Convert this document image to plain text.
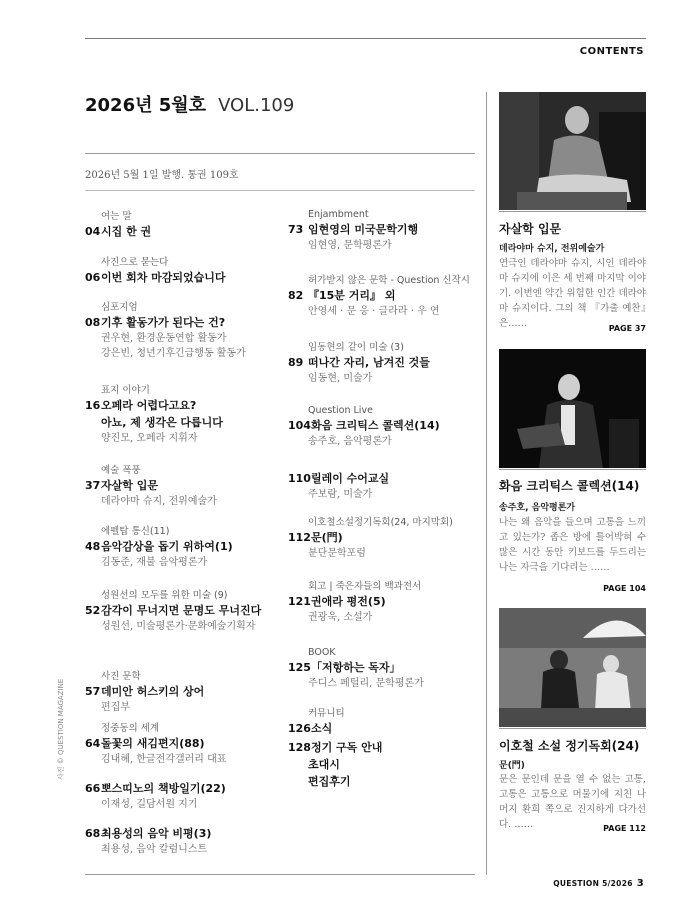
CONTENTS
2026년 5월호 VOL.109
2026년 5월 1일 발행. 통권 109호
여는 말
04 시집 한 권
사진으로 묻는다
06 이번 회차 마감되었습니다
심포지엄
08 기후 활동가가 된다는 건?
권우현, 환경운동연합 활동가
강은빈, 청년기후긴급행동 활동가
표지 이야기
16 오페라 어렵다고요?
아뇨, 제 생각은 다릅니다
양진모, 오페라 지휘자
예술 폭풍
37 자살학 입문
데라야마 슈지, 전위예술가
에펠탑 통신(11)
48 음악감상을 돕기 위하여(1)
김동준, 재불 음악평론가
성원선의 모두를 위한 미술 (9)
52 감각이 무너지면 문명도 무너진다
성원선, 미술평론가·문화예술기획자
사진 문학
57 데미안 허스키의 상어
편집부
정중동의 세계
64 돌꽃의 새김편지(88)
김내혜, 한글전각갤러리 대표
66 뽀스띠노의 책방일기(22)
이재성, 길담서원 지기
68 최용성의 음악 비평(3)
최용성, 음악 칼럼니스트
Enjambment
73 임현영의 미국문학기행
임현영, 문학평론가
허가받지 않은 문학 - Question 신작시
82 『15분 거리』 외
안영세 · 문 응 · 글라라 · 우 연
임동현의 같이 미술 (3)
89 떠나간 자리, 남겨진 것들
임동현, 미술가
Question Live
104 화음 크리틱스 콜렉션(14)
송주호, 음악평론가
110 릴레이 수어교실
주보람, 미술가
이호철소설정기독회(24, 마지막회)
112 문(門)
분단문학포럼
회고 | 죽은자들의 백과전서
121 권애라 평전(5)
권광욱, 소설가
BOOK
125 「저항하는 독자」
주디스 페털리, 문학평론가
커뮤니티
126 소식
128 정기 구독 안내
초대시
편집후기
자살학 입문
데라야마 슈지, 전위예술가
연극인 데라야마 슈지, 시인 데라야마 슈지에 이은 세 번째 마지막 이야기. 이번엔 약간 위험한 인간 데라야마 슈지이다. 그의 책 『가출 예찬』은……	PAGE 37
화음 크리틱스 콜렉션(14)
송주호, 음악평론가
나는 왜 음악을 들으며 고통을 느끼고 있는가? 좁은 방에 틀어박혀 수많은 시간 동안 키보드를 두드리는 나는 자극을 기다리는 ……
PAGE 104
이호철 소설 정기독회(24)
문(門)
문은 문인데 문을 열 수 없는 고통, 고통은 고통으로 머물기에 지친 나머지 환희 쪽으로 진지하게 다가선다. ……	PAGE 112
사진 © QUESTION MAGAZINE
QUESTION 5/2026 3
